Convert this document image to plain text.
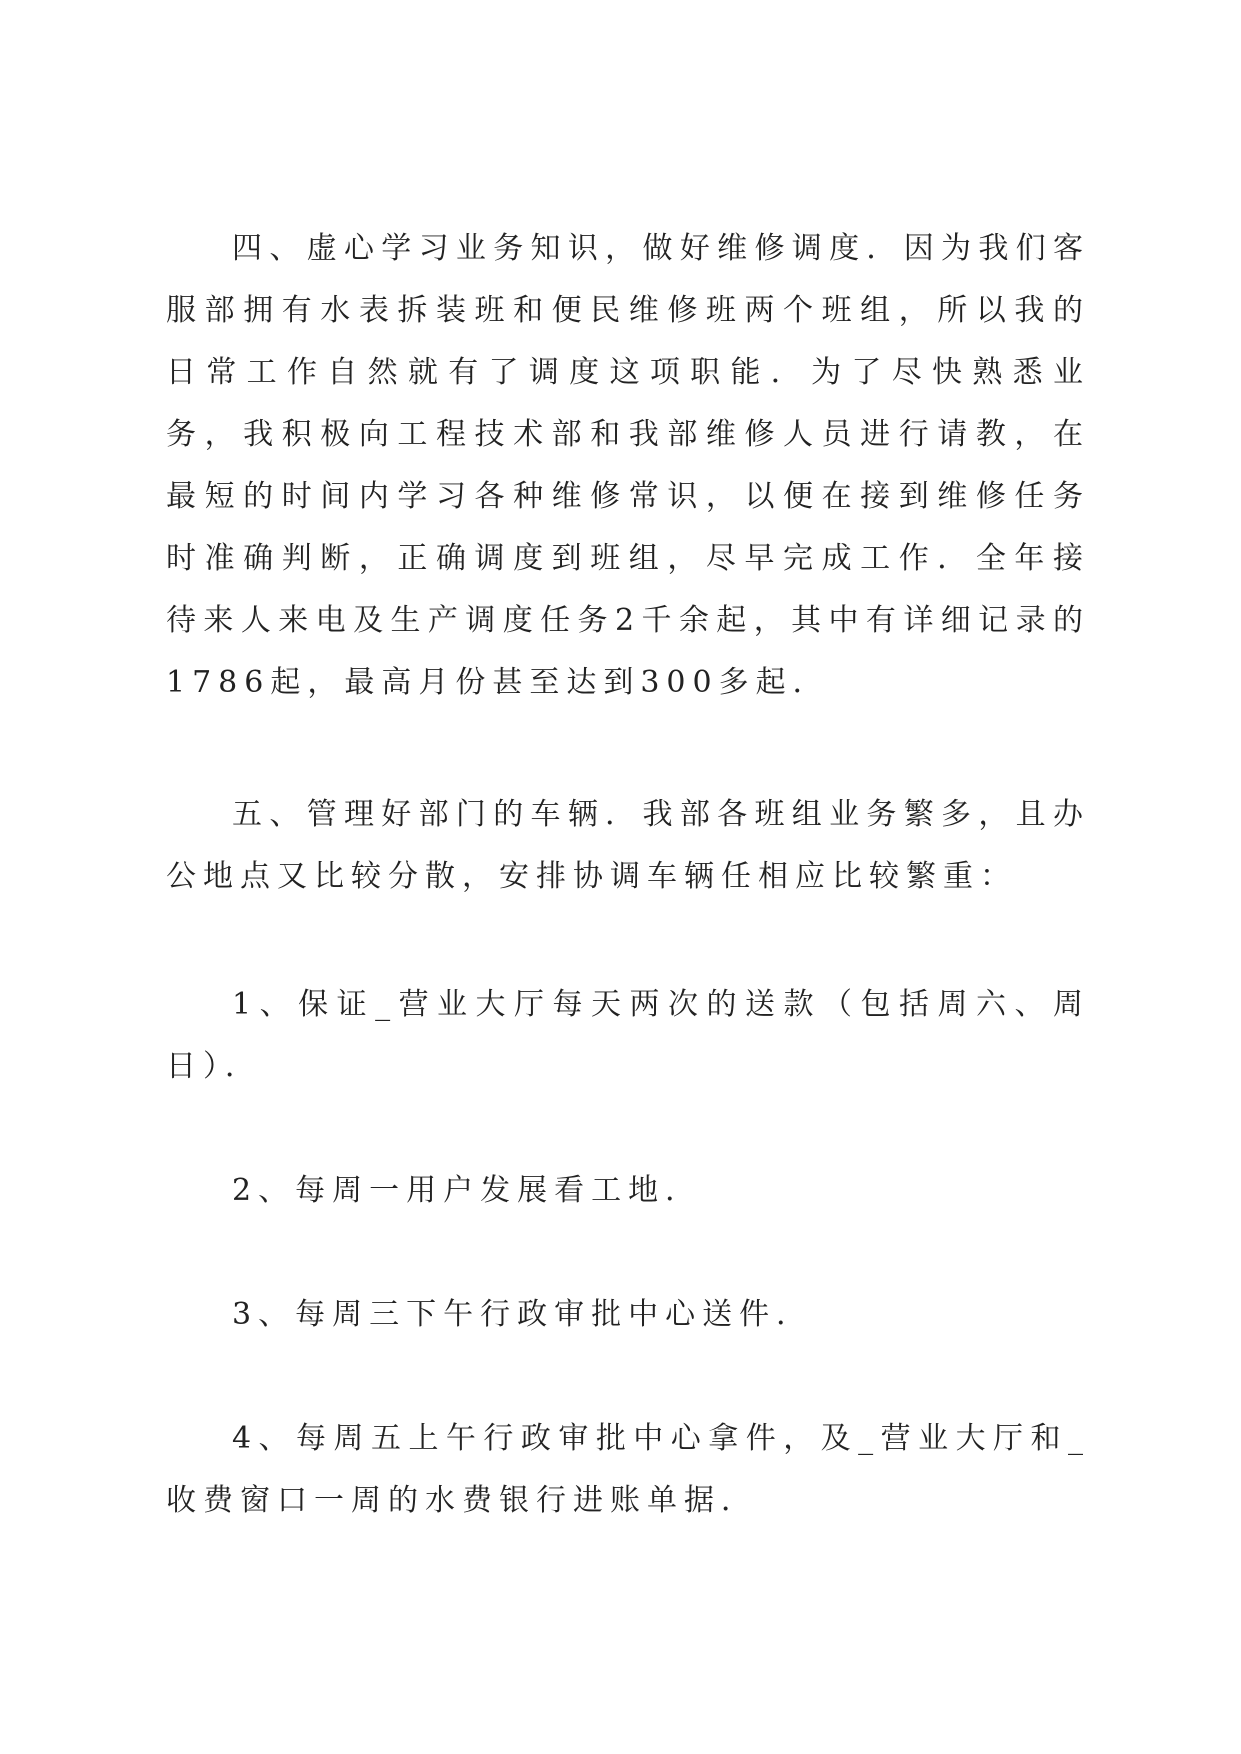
四、虚心学习业务知识，做好维修调度．因为我们客服部拥有水表拆装班和便民维修班两个班组，所以我的日常工作自然就有了调度这项职能．为了尽快熟悉业务，我积极向工程技术部和我部维修人员进行请教，在最短的时间内学习各种维修常识，以便在接到维修任务时准确判断，正确调度到班组，尽早完成工作．全年接待来人来电及生产调度任务2千余起，其中有详细记录的1786起，最高月份甚至达到300多起．

五、管理好部门的车辆．我部各班组业务繁多，且办公地点又比较分散，安排协调车辆任相应比较繁重：

1、保证_营业大厅每天两次的送款（包括周六、周日）．

2、每周一用户发展看工地．

3、每周三下午行政审批中心送件．

4、每周五上午行政审批中心拿件，及_营业大厅和_收费窗口一周的水费银行进账单据．
